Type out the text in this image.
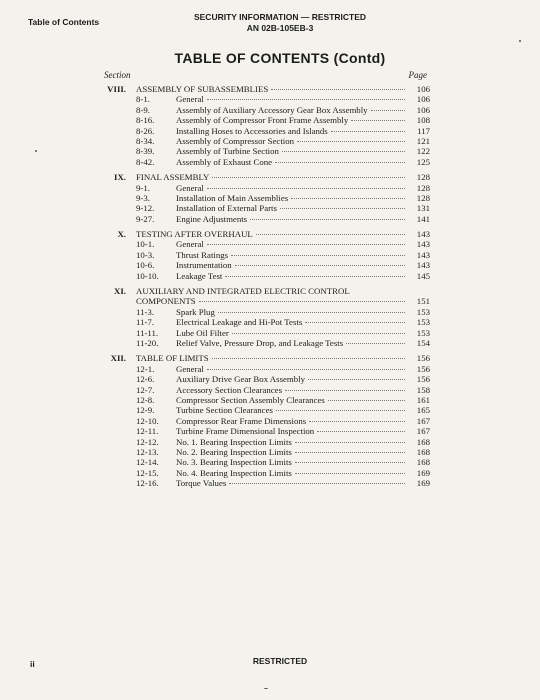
Table of Contents	SECURITY INFORMATION — RESTRICTED
AN 02B-105EB-3
TABLE OF CONTENTS (Contd)
Section	Page
VIII. ASSEMBLY OF SUBASSEMBLIES	106
8-1.	General	106
8-9.	Assembly of Auxiliary Accessory Gear Box Assembly	106
8-16.	Assembly of Compressor Front Frame Assembly	108
8-26.	Installing Hoses to Accessories and Islands	117
8-34.	Assembly of Compressor Section	121
8-39.	Assembly of Turbine Section	122
8-42.	Assembly of Exhaust Cone	125
IX. FINAL ASSEMBLY	128
9-1.	General	128
9-3.	Installation of Main Assemblies	128
9-12.	Installation of External Parts	131
9-27.	Engine Adjustments	141
X. TESTING AFTER OVERHAUL	143
10-1.	General	143
10-3.	Thrust Ratings	143
10-6.	Instrumentation	143
10-10.	Leakage Test	145
XI. AUXILIARY AND INTEGRATED ELECTRIC CONTROL
COMPONENTS	151
11-3.	Spark Plug	153
11-7.	Electrical Leakage and Hi-Pot Tests	153
11-11.	Lube Oil Filter	153
11-20.	Relief Valve, Pressure Drop, and Leakage Tests	154
XII. TABLE OF LIMITS	156
12-1.	General	156
12-6.	Auxiliary Drive Gear Box Assembly	156
12-7.	Accessory Section Clearances	158
12-8.	Compressor Section Assembly Clearances	161
12-9.	Turbine Section Clearances	165
12-10.	Compressor Rear Frame Dimensions	167
12-11.	Turbine Frame Dimensional Inspection	167
12-12.	No. 1. Bearing Inspection Limits	168
12-13.	No. 2. Bearing Inspection Limits	168
12-14.	No. 3. Bearing Inspection Limits	168
12-15.	No. 4. Bearing Inspection Limits	169
12-16.	Torque Values	169
ii	RESTRICTED
